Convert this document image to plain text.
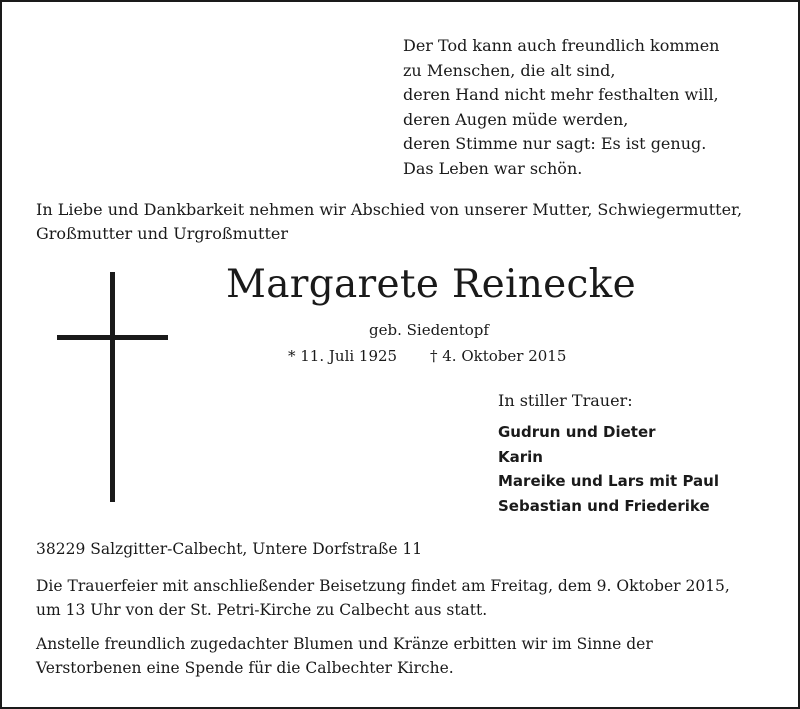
Der Tod kann auch freundlich kommen
zu Menschen, die alt sind,
deren Hand nicht mehr festhalten will,
deren Augen müde werden,
deren Stimme nur sagt: Es ist genug.
Das Leben war schön.
In Liebe und Dankbarkeit nehmen wir Abschied von unserer Mutter, Schwiegermutter,
Großmutter und Urgroßmutter
Margarete Reinecke
geb. Siedentopf
* 11. Juli 1925 † 4. Oktober 2015
In stiller Trauer:
Gudrun und Dieter
Karin
Mareike und Lars mit Paul
Sebastian und Friederike
38229 Salzgitter-Calbecht, Untere Dorfstraße 11
Die Trauerfeier mit anschließender Beisetzung findet am Freitag, dem 9. Oktober 2015,
um 13 Uhr von der St. Petri-Kirche zu Calbecht aus statt.
Anstelle freundlich zugedachter Blumen und Kränze erbitten wir im Sinne der
Verstorbenen eine Spende für die Calbechter Kirche.
